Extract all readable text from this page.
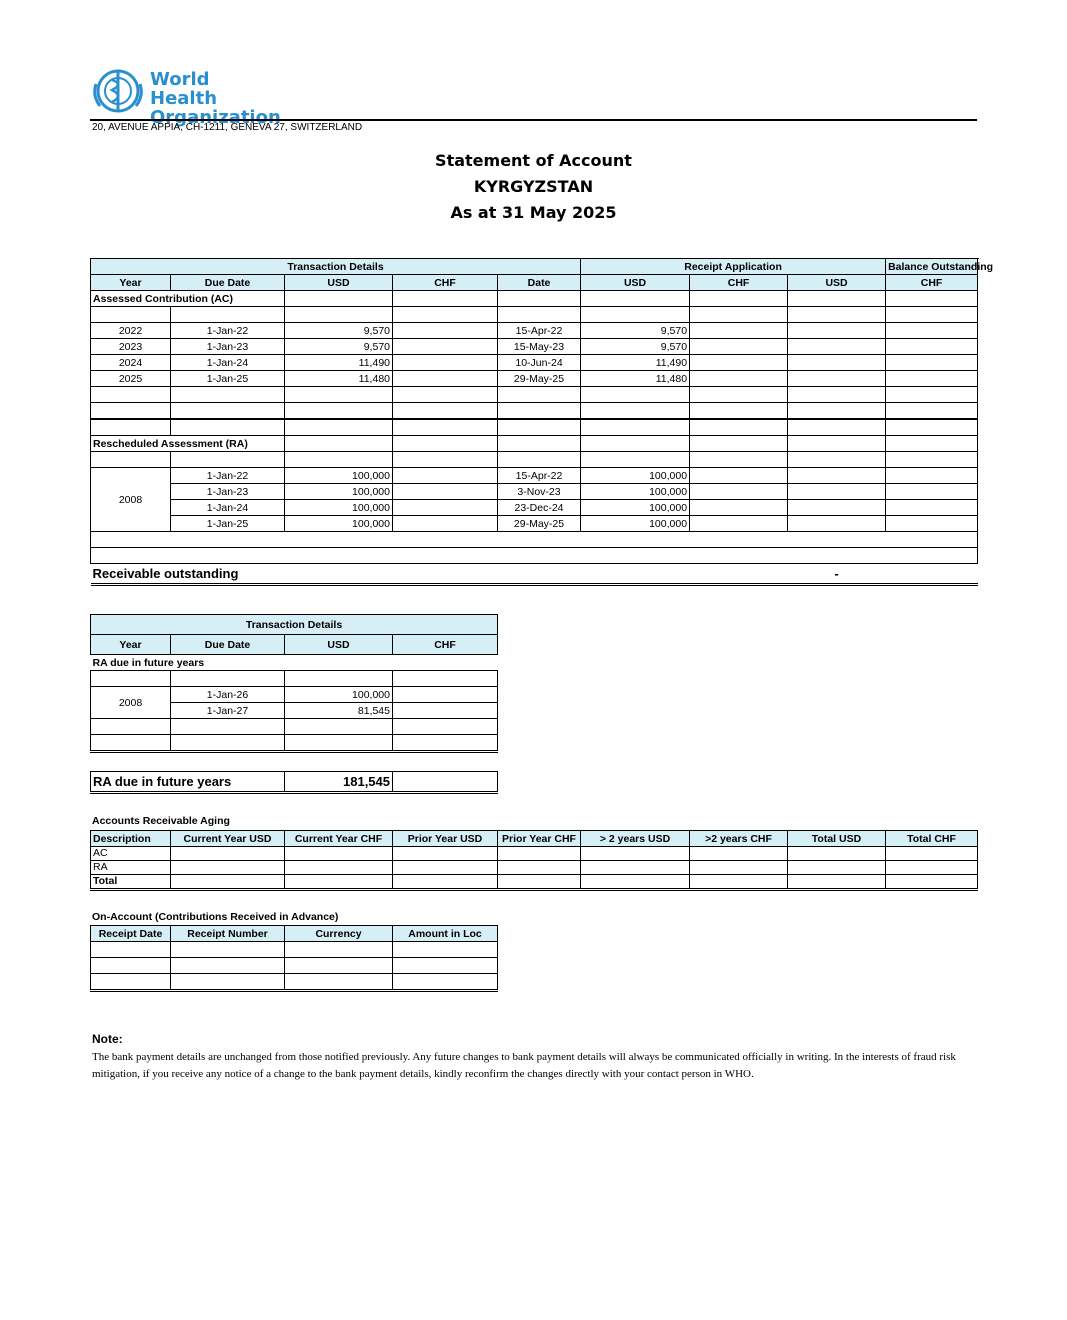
World Health
Organization
20, AVENUE APPIA, CH-1211, GENEVA 27, SWITZERLAND
Statement of Account
KYRGYZSTAN
As at 31 May 2025
Transaction Details					Receipt Application			Balance Outstanding
Year	Due Date	USD	CHF	Date	USD	CHF	USD	CHF
Assessed Contribution (AC)								

2022	1-Jan-22	9,570		15-Apr-22	9,570			
2023	1-Jan-23	9,570		15-May-23	9,570			
2024	1-Jan-24	11,490		10-Jun-24	11,490			
2025	1-Jan-25	11,480		29-May-25	11,480			

Rescheduled Assessment (RA)								

2008	1-Jan-22	100,000		15-Apr-22	100,000			
	1-Jan-23	100,000		3-Nov-23	100,000			
	1-Jan-24	100,000		23-Dec-24	100,000			
	1-Jan-25	100,000		29-May-25	100,000			

Receivable outstanding							-	
Transaction Details			
Year	Due Date	USD	CHF
RA due in future years			

2008	1-Jan-26	100,000	
	1-Jan-27	81,545	

RA due in future years	181,545	
Accounts Receivable Aging
Description	Current Year USD	Current Year CHF	Prior Year USD	Prior Year CHF	> 2 years USD	>2 years CHF	Total USD	Total CHF
AC								
RA								
Total								
On-Account (Contributions Received in Advance)
Receipt Date	Receipt Number	Currency	Amount in Loc

Note:
The bank payment details are unchanged from those notified previously. Any future changes to bank payment details will always be communicated officially in writing. In the interests of fraud risk mitigation, if you receive any notice of a change to the bank payment details, kindly reconfirm the changes directly with your contact person in WHO.
